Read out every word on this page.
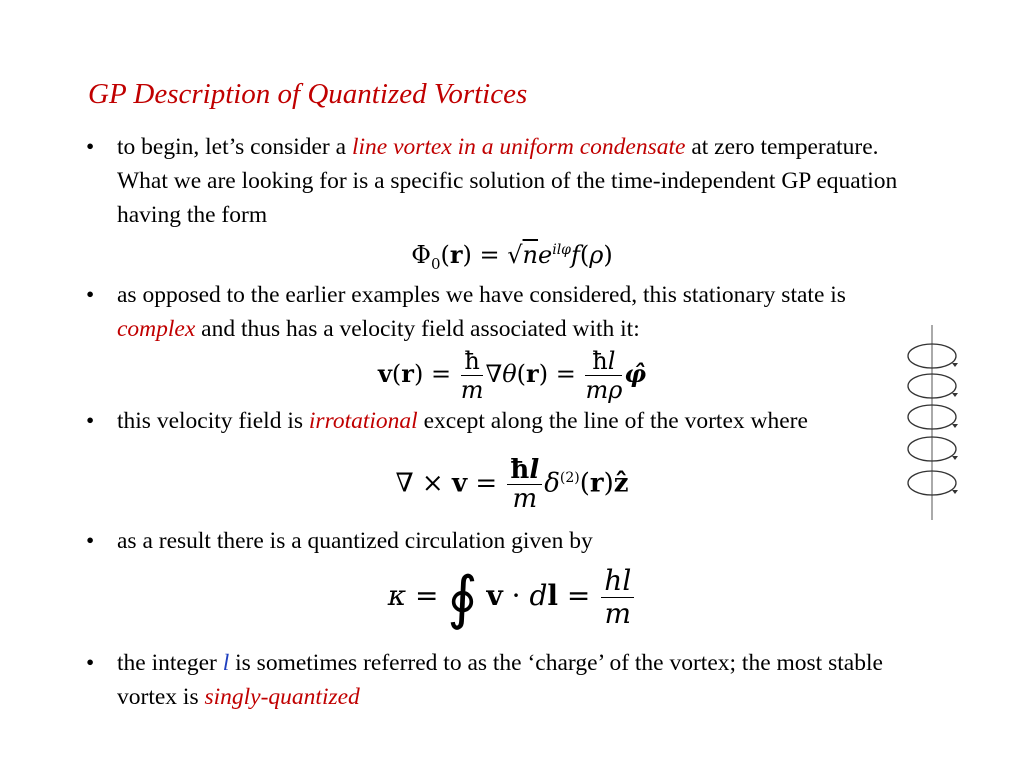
GP Description of Quantized Vortices
• to begin, let’s consider a line vortex in a uniform condensate at zero temperature. What we are looking for is a specific solution of the time-independent GP equation having the form
$\Phi_0(r) = √ne^{il\varphi}f(\rho)$
• as opposed to the earlier examples we have considered, this stationary state is complex and thus has a velocity field associated with it:
$v(r) = \frac{ħ}{m} \nabla\theta(r) = \frac{ħl}{m\rho}$ φ̂
• this velocity field is irrotational except along the line of the vortex where
∇ × $v = \frac{ħl}{m}$ $\delta^{(2)}(r)ẑ$
• as a result there is a quantized circulation given by
κ = ∮ v · dl = $\frac{hl}{m}$
• the integer l is sometimes referred to as the ‘charge’ of the vortex; the most stable vortex is singly-quantized
